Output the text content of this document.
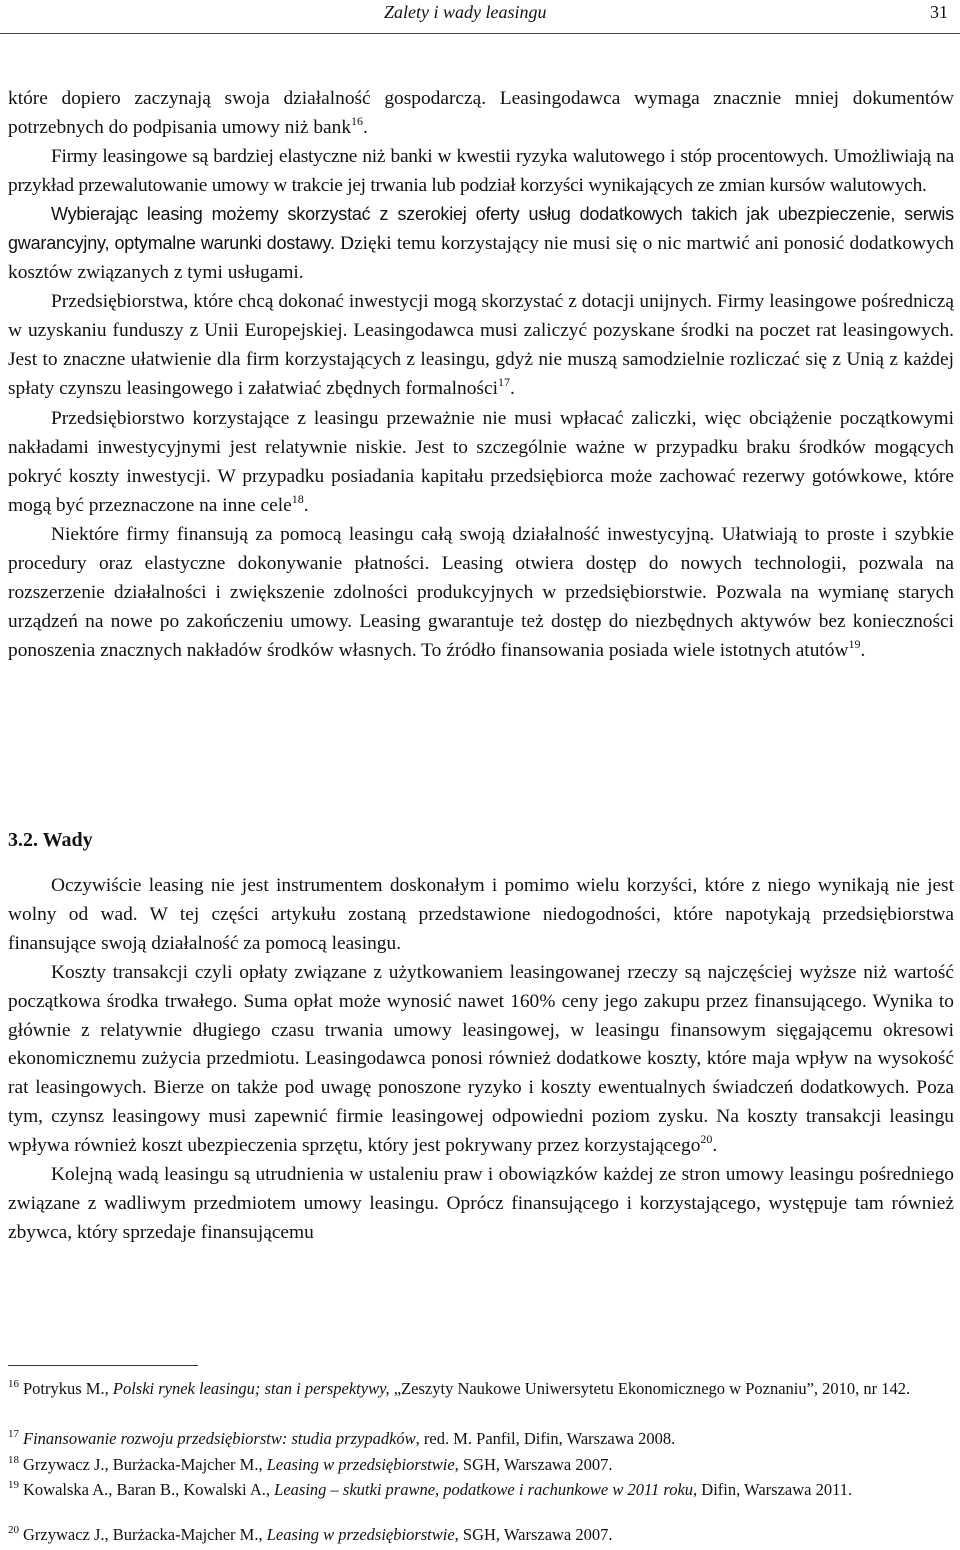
Zalety i wady leasingu	31

które dopiero zaczynają swoja działalność gospodarczą. Leasingodawca wymaga znacznie mniej dokumentów potrzebnych do podpisania umowy niż bank$^{16}$.

Firmy leasingowe są bardziej elastyczne niż banki w kwestii ryzyka walutowego i stóp procentowych. Umożliwiają na przykład przewalutowanie umowy w trakcie jej trwania lub podział korzyści wynikających ze zmian kursów walutowych.

Wybierając leasing możemy skorzystać z szerokiej oferty usług dodatkowych takich jak ubezpieczenie, serwis gwarancyjny, optymalne warunki dostawy. Dzięki temu korzystający nie musi się o nic martwić ani ponosić dodatkowych kosztów związanych z tymi usługami.

Przedsiębiorstwa, które chcą dokonać inwestycji mogą skorzystać z dotacji unijnych. Firmy leasingowe pośredniczą w uzyskaniu funduszy z Unii Europejskiej. Leasingodawca musi zaliczyć pozyskane środki na poczet rat leasingowych. Jest to znaczne ułatwienie dla firm korzystających z leasingu, gdyż nie muszą samodzielnie rozliczać się z Unią z każdej spłaty czynszu leasingowego i załatwiać zbędnych formalności$^{17}$.

Przedsiębiorstwo korzystające z leasingu przeważnie nie musi wpłacać zaliczki, więc obciążenie początkowymi nakładami inwestycyjnymi jest relatywnie niskie. Jest to szczególnie ważne w przypadku braku środków mogących pokryć koszty inwestycji. W przypadku posiadania kapitału przedsiębiorca może zachować rezerwy gotówkowe, które mogą być przeznaczone na inne cele$^{18}$.

Niektóre firmy finansują za pomocą leasingu całą swoją działalność inwestycyjną. Ułatwiają to proste i szybkie procedury oraz elastyczne dokonywanie płatności. Leasing otwiera dostęp do nowych technologii, pozwala na rozszerzenie działalności i zwiększenie zdolności produkcyjnych w przedsiębiorstwie. Pozwala na wymianę starych urządzeń na nowe po zakończeniu umowy. Leasing gwarantuje też dostęp do niezbędnych aktywów bez konieczności ponoszenia znacznych nakładów środków własnych. To źródło finansowania posiada wiele istotnych atutów$^{19}$.

3.2. Wady

Oczywiście leasing nie jest instrumentem doskonałym i pomimo wielu korzyści, które z niego wynikają nie jest wolny od wad. W tej części artykułu zostaną przedstawione niedogodności, które napotykają przedsiębiorstwa finansujące swoją działalność za pomocą leasingu.

Koszty transakcji czyli opłaty związane z użytkowaniem leasingowanej rzeczy są najczęściej wyższe niż wartość początkowa środka trwałego. Suma opłat może wynosić nawet 160% ceny jego zakupu przez finansującego. Wynika to głównie z relatywnie długiego czasu trwania umowy leasingowej, w leasingu finansowym sięgającemu okresowi ekonomicznemu zużycia przedmiotu. Leasingodawca ponosi również dodatkowe koszty, które maja wpływ na wysokość rat leasingowych. Bierze on także pod uwagę ponoszone ryzyko i koszty ewentualnych świadczeń dodatkowych. Poza tym, czynsz leasingowy musi zapewnić firmie leasingowej odpowiedni poziom zysku. Na koszty transakcji leasingu wpływa również koszt ubezpieczenia sprzętu, który jest pokrywany przez korzystającego$^{20}$.

Kolejną wadą leasingu są utrudnienia w ustaleniu praw i obowiązków każdej ze stron umowy leasingu pośredniego związane z wadliwym przedmiotem umowy leasingu. Oprócz finansującego i korzystającego, występuje tam również zbywca, który sprzedaje finansującemu

$^{16}$ Potrykus M., Polski rynek leasingu; stan i perspektywy, „Zeszyty Naukowe Uniwersytetu Ekonomicznego w Poznaniu”, 2010, nr 142.
$^{17}$ Finansowanie rozwoju przedsiębiorstw: studia przypadków, red. M. Panfil, Difin, Warszawa 2008.
$^{18}$ Grzywacz J., Burżacka-Majcher M., Leasing w przedsiębiorstwie, SGH, Warszawa 2007.
$^{19}$ Kowalska A., Baran B., Kowalski A., Leasing – skutki prawne, podatkowe i rachunkowe w 2011 roku, Difin, Warszawa 2011.
$^{20}$ Grzywacz J., Burżacka-Majcher M., Leasing w przedsiębiorstwie, SGH, Warszawa 2007.
